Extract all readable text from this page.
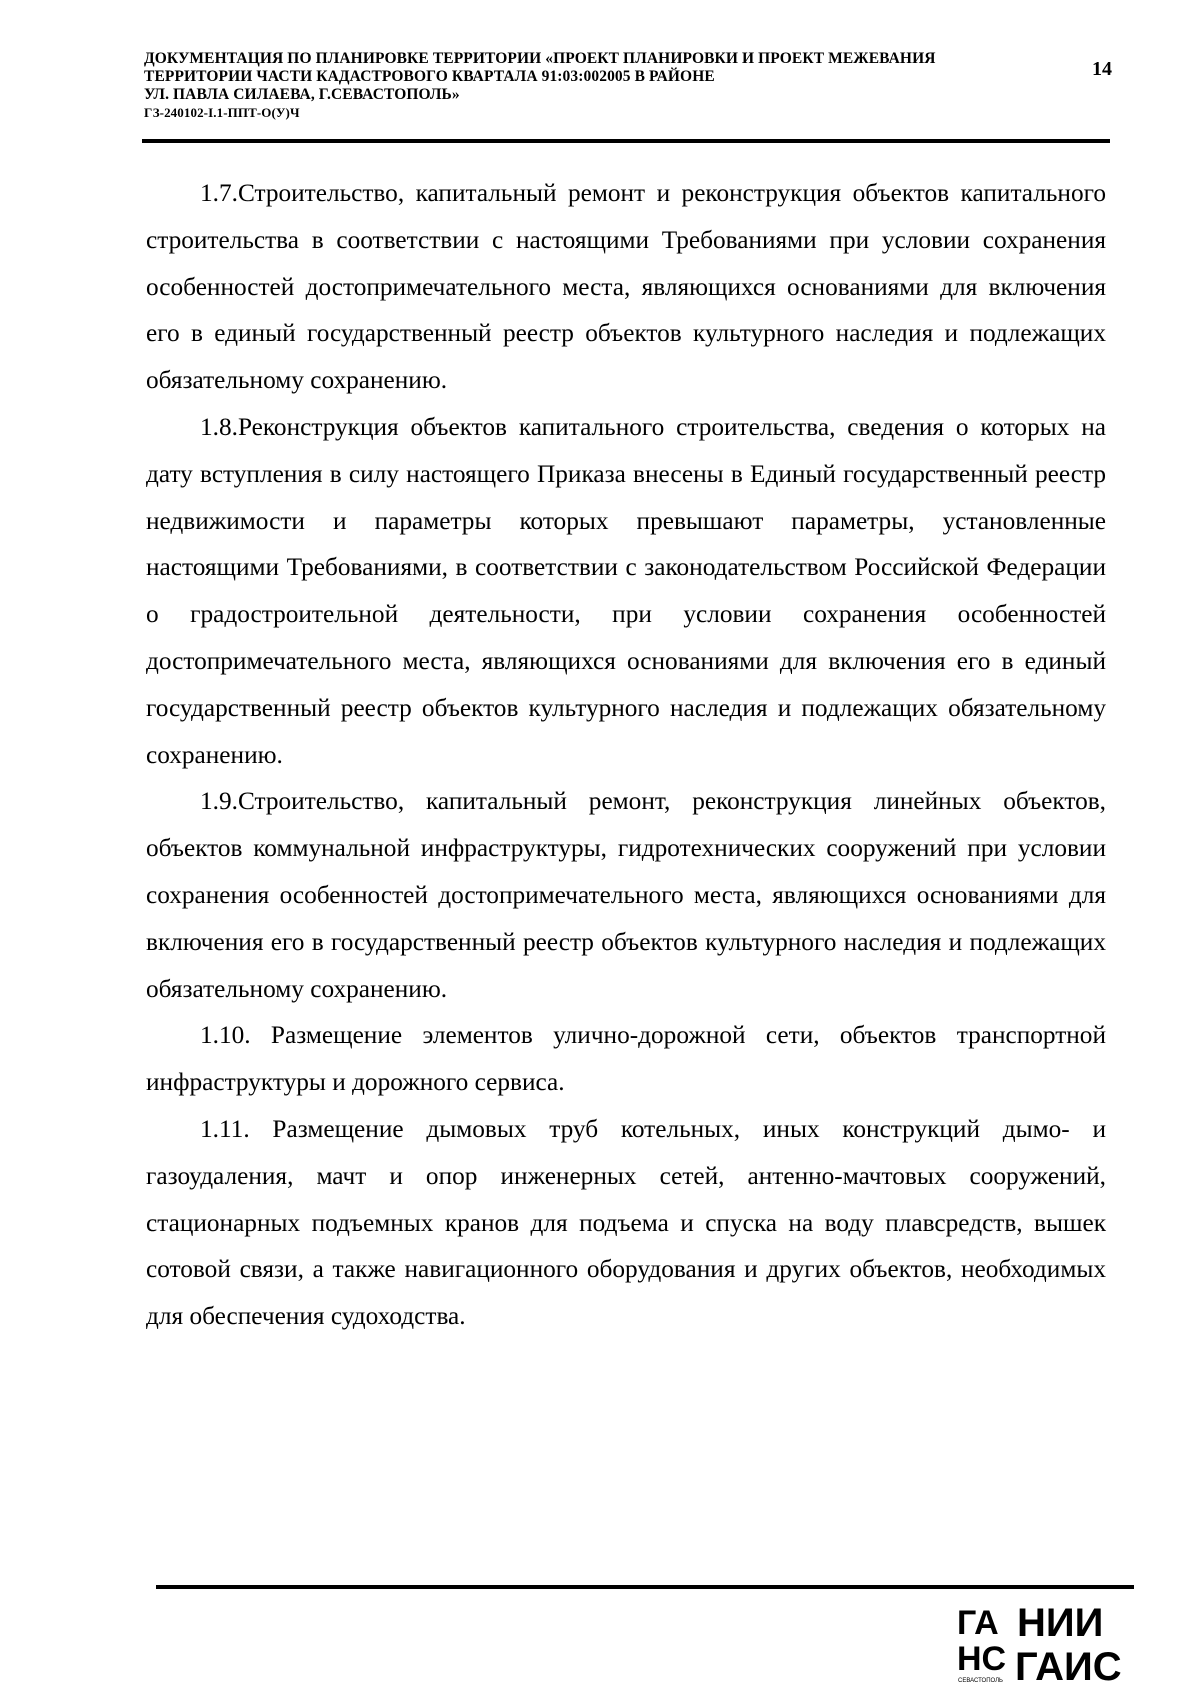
ДОКУМЕНТАЦИЯ ПО ПЛАНИРОВКЕ ТЕРРИТОРИИ «ПРОЕКТ ПЛАНИРОВКИ И ПРОЕКТ МЕЖЕВАНИЯ
ТЕРРИТОРИИ ЧАСТИ КАДАСТРОВОГО КВАРТАЛА 91:03:002005 В РАЙОНЕ
УЛ. ПАВЛА СИЛАЕВА, Г.СЕВАСТОПОЛЬ»
ГЗ-240102-I.1-ППТ-О(У)Ч
14

1.7.Строительство, капитальный ремонт и реконструкция объектов капитального строительства в соответствии с настоящими Требованиями при условии сохранения особенностей достопримечательного места, являющихся основаниями для включения его в единый государственный реестр объектов культурного наследия и подлежащих обязательному сохранению.

1.8.Реконструкция объектов капитального строительства, сведения о которых на дату вступления в силу настоящего Приказа внесены в Единый государственный реестр недвижимости и параметры которых превышают параметры, установленные настоящими Требованиями, в соответствии с законодательством Российской Федерации о градостроительной деятельности, при условии сохранения особенностей достопримечательного места, являющихся основаниями для включения его в единый государственный реестр объектов культурного наследия и подлежащих обязательному сохранению.

1.9.Строительство, капитальный ремонт, реконструкция линейных объектов, объектов коммунальной инфраструктуры, гидротехнических сооружений при условии сохранения особенностей достопримечательного места, являющихся основаниями для включения его в государственный реестр объектов культурного наследия и подлежащих обязательному сохранению.

1.10. Размещение элементов улично-дорожной сети, объектов транспортной инфраструктуры и дорожного сервиса.

1.11. Размещение дымовых труб котельных, иных конструкций дымо- и газоудаления, мачт и опор инженерных сетей, антенно-мачтовых сооружений, стационарных подъемных кранов для подъема и спуска на воду плавсредств, вышек сотовой связи, а также навигационного оборудования и других объектов, необходимых для обеспечения судоходства.

ГА
НС
СЕВАСТОПОЛЬ
НИИ
ГАИС
